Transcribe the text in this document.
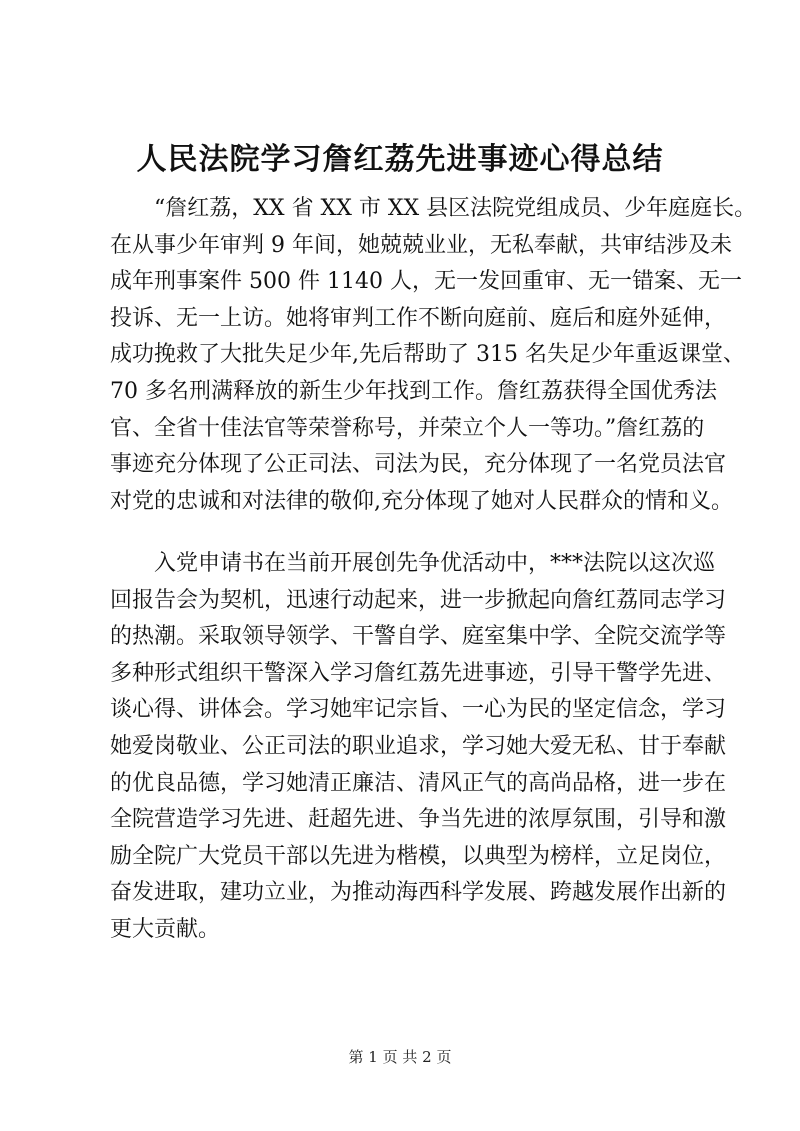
人民法院学习詹红荔先进事迹心得总结
“詹红荔，XX 省 XX 市 XX 县区法院党组成员、少年庭庭长。
在从事少年审判 9 年间，她兢兢业业，无私奉献，共审结涉及未
成年刑事案件 500 件 1140 人，无一发回重审、无一错案、无一
投诉、无一上访。她将审判工作不断向庭前、庭后和庭外延伸，
成功挽救了大批失足少年,先后帮助了 315 名失足少年重返课堂、
70 多名刑满释放的新生少年找到工作。詹红荔获得全国优秀法
官、全省十佳法官等荣誉称号，并荣立个人一等功。”詹红荔的
事迹充分体现了公正司法、司法为民，充分体现了一名党员法官
对党的忠诚和对法律的敬仰,充分体现了她对人民群众的情和义。
入党申请书在当前开展创先争优活动中，***法院以这次巡
回报告会为契机，迅速行动起来，进一步掀起向詹红荔同志学习
的热潮。采取领导领学、干警自学、庭室集中学、全院交流学等
多种形式组织干警深入学习詹红荔先进事迹，引导干警学先进、
谈心得、讲体会。学习她牢记宗旨、一心为民的坚定信念，学习
她爱岗敬业、公正司法的职业追求，学习她大爱无私、甘于奉献
的优良品德，学习她清正廉洁、清风正气的高尚品格，进一步在
全院营造学习先进、赶超先进、争当先进的浓厚氛围，引导和激
励全院广大党员干部以先进为楷模，以典型为榜样，立足岗位，
奋发进取，建功立业，为推动海西科学发展、跨越发展作出新的
更大贡献。
第 1 页 共 2 页
